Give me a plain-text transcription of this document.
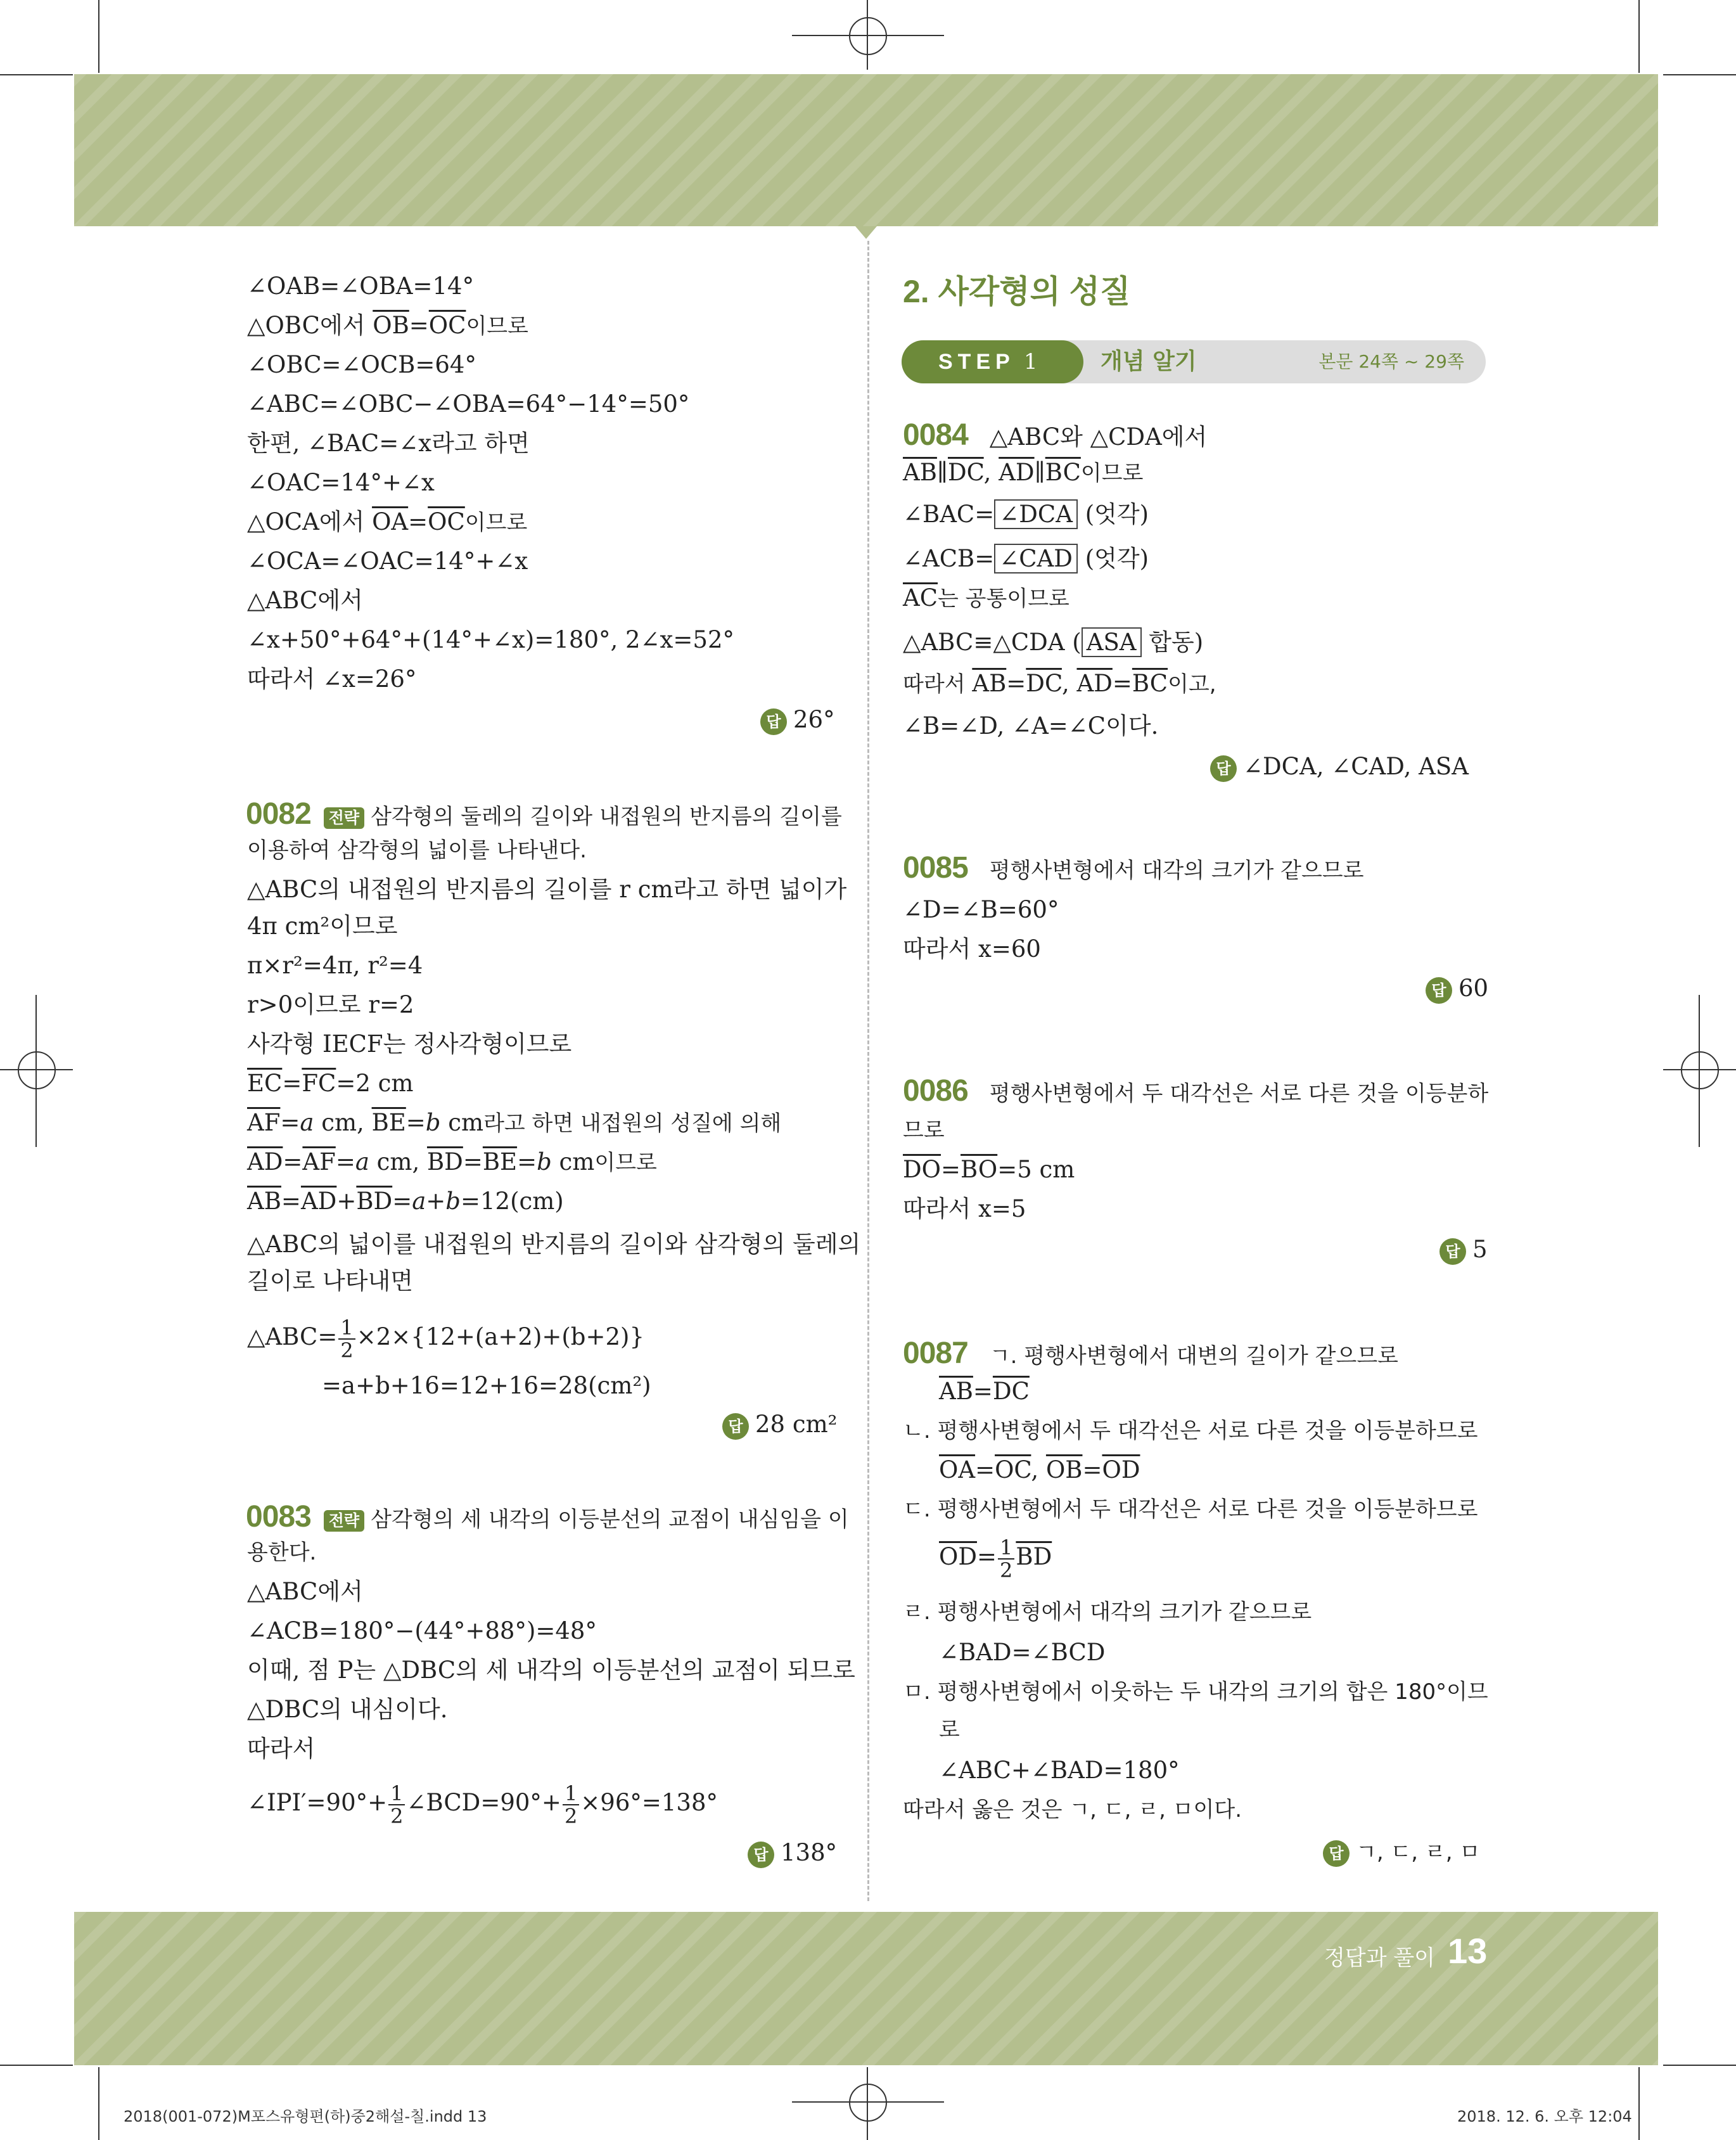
∠OAB=∠OBA=14°
△OBC에서 $\overline{OB}=\overline{OC}$이므로
∠OBC=∠OCB=64°
∠ABC=∠OBC−∠OBA=64°−14°=50°
한편, ∠BAC=∠x라고 하면
∠OAC=14°+∠x
△OCA에서 $\overline{OA}=\overline{OC}$이므로
∠OCA=∠OAC=14°+∠x
△ABC에서
∠x+50°+64°+(14°+∠x)=180°, 2∠x=52°
따라서 ∠x=26°
답 26°
0082 전략 삼각형의 둘레의 길이와 내접원의 반지름의 길이를
이용하여 삼각형의 넓이를 나타낸다.
△ABC의 내접원의 반지름의 길이를 r cm라고 하면 넓이가
4π cm²이므로
π×r²=4π, r²=4
r>0이므로 r=2
사각형 IECF는 정사각형이므로
$\overline{EC}=\overline{FC}=2$ cm
$\overline{AF}=a$ cm, $\overline{BE}=b$ cm라고 하면 내접원의 성질에 의해
$\overline{AD}=\overline{AF}=a$ cm, $\overline{BD}=\overline{BE}=b$ cm이므로
$\overline{AB}=\overline{AD}+\overline{BD}=a+b=12(cm)$
△ABC의 넓이를 내접원의 반지름의 길이와 삼각형의 둘레의
길이로 나타내면
△ABC= $\frac{1}{2} \times 2\times\{12+(a+2)+(b+2)\}$
=a+b+16=12+16=28(cm²)
답 28 cm²
0083 전략 삼각형의 세 내각의 이등분선의 교점이 내심임을 이
용한다.
△ABC에서
∠ACB=180°−(44°+88°)=48°
이때, 점 P는 △DBC의 세 내각의 이등분선의 교점이 되므로
△DBC의 내심이다.
따라서
∠IPI′=90°+ $\frac{1}{2}$ ∠BCD=90°+ $\frac{1}{2} \times 96^\circ=138^\circ$
답 138°
2. 사각형의 성질
STEP 1	개념 알기	본문 24쪽 ~ 29쪽
0084 △ABC와 △CDA에서
$\overline{AB}\parallel\overline{DC}$, $\overline{AD}\parallel\overline{BC}$이므로
∠BAC= ∠DCA (엇각)
∠ACB= ∠CAD (엇각)
$\overline{AC}$는 공통이므로
△ABC≡△CDA ( ASA 합동)
따라서 $\overline{AB}=\overline{DC}$, $\overline{AD}=\overline{BC}$이고,
∠B=∠D, ∠A=∠C이다.
답 ∠DCA, ∠CAD, ASA
0085 평행사변형에서 대각의 크기가 같으므로
∠D=∠B=60°
따라서 x=60
답 60
0086 평행사변형에서 두 대각선은 서로 다른 것을 이등분하
므로
$\overline{DO}=\overline{BO}=5$ cm
따라서 x=5
답 5
0087 ㄱ. 평행사변형에서 대변의 길이가 같으므로
$\overline{AB}=\overline{DC}$
ㄴ. 평행사변형에서 두 대각선은 서로 다른 것을 이등분하므로
$\overline{OA}=\overline{OC}$, $\overline{OB}=\overline{OD}$
ㄷ. 평행사변형에서 두 대각선은 서로 다른 것을 이등분하므로
$\overline{OD}= \frac{1}{2} \overline{BD}$
ㄹ. 평행사변형에서 대각의 크기가 같으므로
∠BAD=∠BCD
ㅁ. 평행사변형에서 이웃하는 두 내각의 크기의 합은 180°이므
로
∠ABC+∠BAD=180°
따라서 옳은 것은 ㄱ, ㄷ, ㄹ, ㅁ이다.
답 ㄱ, ㄷ, ㄹ, ㅁ
정답과 풀이 13
2018(001-072)M포스유형편(하)중2해설-칠.indd 13	2018. 12. 6. 오후 12:04
